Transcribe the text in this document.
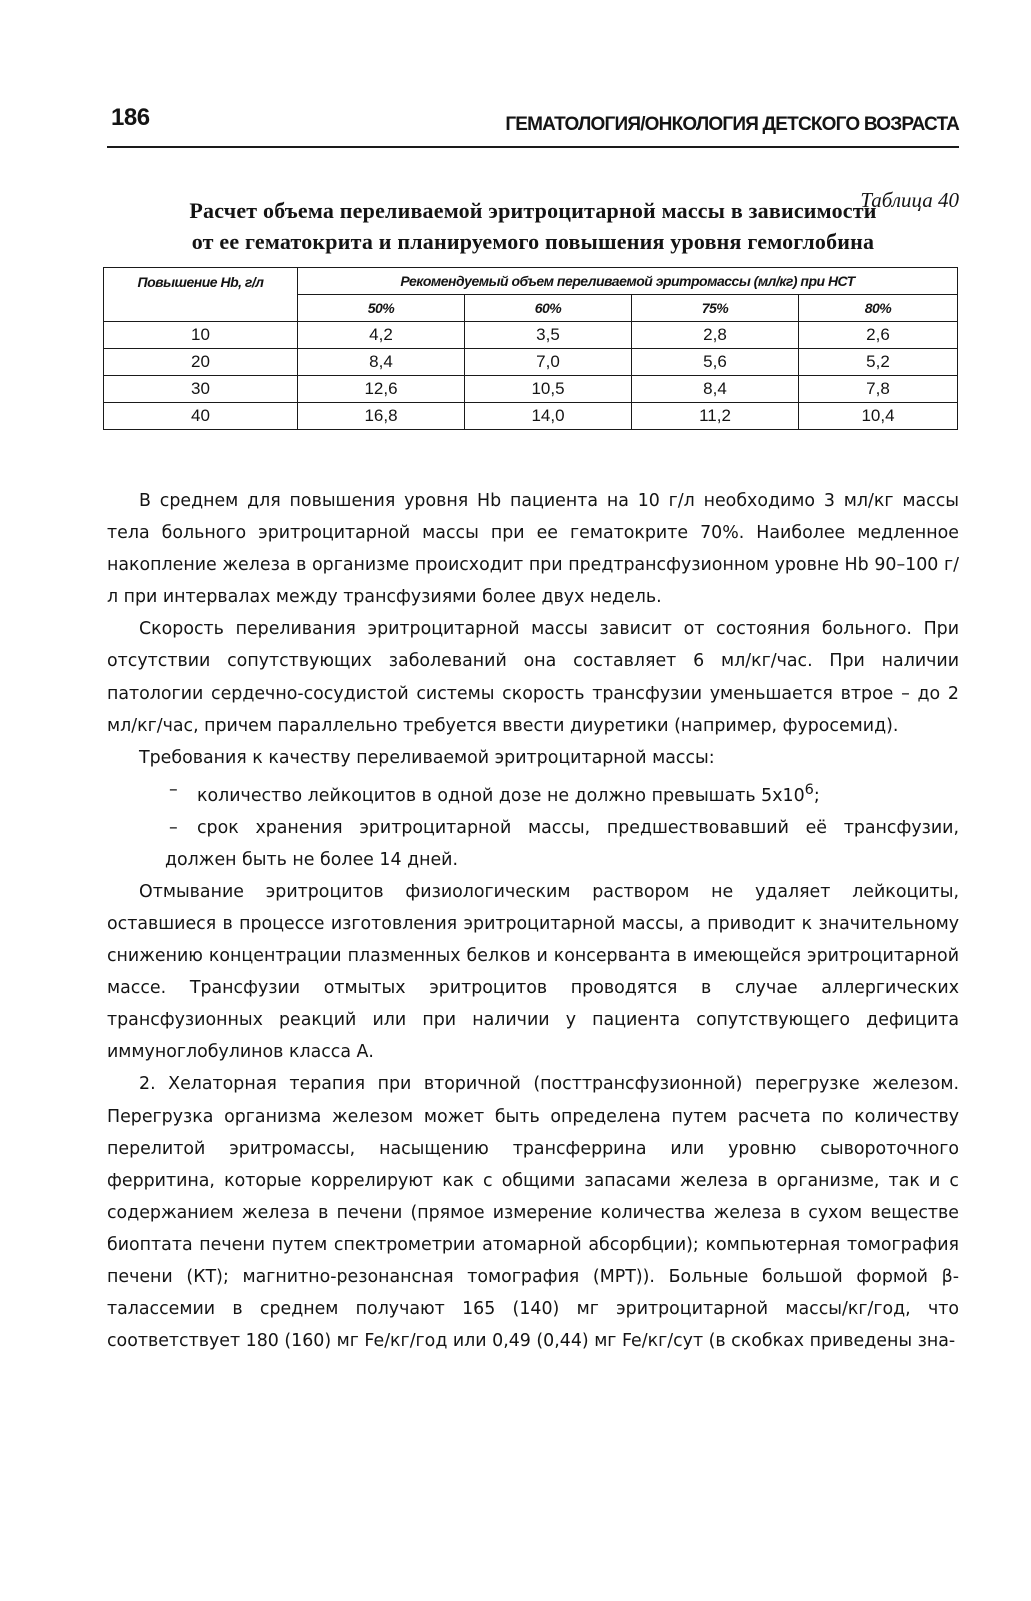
186	ГЕМАТОЛОГИЯ/ОНКОЛОГИЯ ДЕТСКОГО ВОЗРАСТА
Таблица 40
Расчет объема переливаемой эритроцитарной массы в зависимости
от ее гематокрита и планируемого повышения уровня гемоглобина
Повышение Hb, г/л	Рекомендуемый объем переливаемой эритромассы (мл/кг) при НСТ			
	50%	60%	75%	80%
10	4,2	3,5	2,8	2,6
20	8,4	7,0	5,6	5,2
30	12,6	10,5	8,4	7,8
40	16,8	14,0	11,2	10,4

В среднем для повышения уровня Hb пациента на 10 г/л необходимо 3 мл/кг массы тела больного эритроцитарной массы при ее гематокрите 70%. Наиболее медленное накопление железа в организме происходит при предтрансфузионном уровне Hb 90–100 г/л при интервалах между трансфузиями более двух недель.

Скорость переливания эритроцитарной массы зависит от состояния больного. При отсутствии сопутствующих заболеваний она составляет 6 мл/кг/час. При наличии патологии сердечно-сосудистой системы скорость трансфузии уменьшается втрое – до 2 мл/кг/час, причем параллельно требуется ввести диуретики (например, фуросемид).

Требования к качеству переливаемой эритроцитарной массы:

– количество лейкоцитов в одной дозе не должно превышать $5х10^6$;

– срок хранения эритроцитарной массы, предшествовавший её трансфузии, должен быть не более 14 дней.

Отмывание эритроцитов физиологическим раствором не удаляет лейкоциты, оставшиеся в процессе изготовления эритроцитарной массы, а приводит к значительному снижению концентрации плазменных белков и консерванта в имеющейся эритроцитарной массе. Трансфузии отмытых эритроцитов проводятся в случае аллергических трансфузионных реакций или при наличии у пациента сопутствующего дефицита иммуноглобулинов класса А.

2. Хелаторная терапия при вторичной (посттрансфузионной) перегрузке железом. Перегрузка организма железом может быть определена путем расчета по количеству перелитой эритромассы, насыщению трансферрина или уровню сывороточного ферритина, которые коррелируют как с общими запасами железа в организме, так и с содержанием железа в печени (прямое измерение количества железа в сухом веществе биоптата печени путем спектрометрии атомарной абсорбции); компьютерная томография печени (КТ); магнитно-резонансная томография (МРТ)). Больные большой формой β-талассемии в среднем получают 165 (140) мг эритроцитарной массы/кг/год, что соответствует 180 (160) мг Fe/кг/год или 0,49 (0,44) мг Fe/кг/сут (в скобках приведены зна-
